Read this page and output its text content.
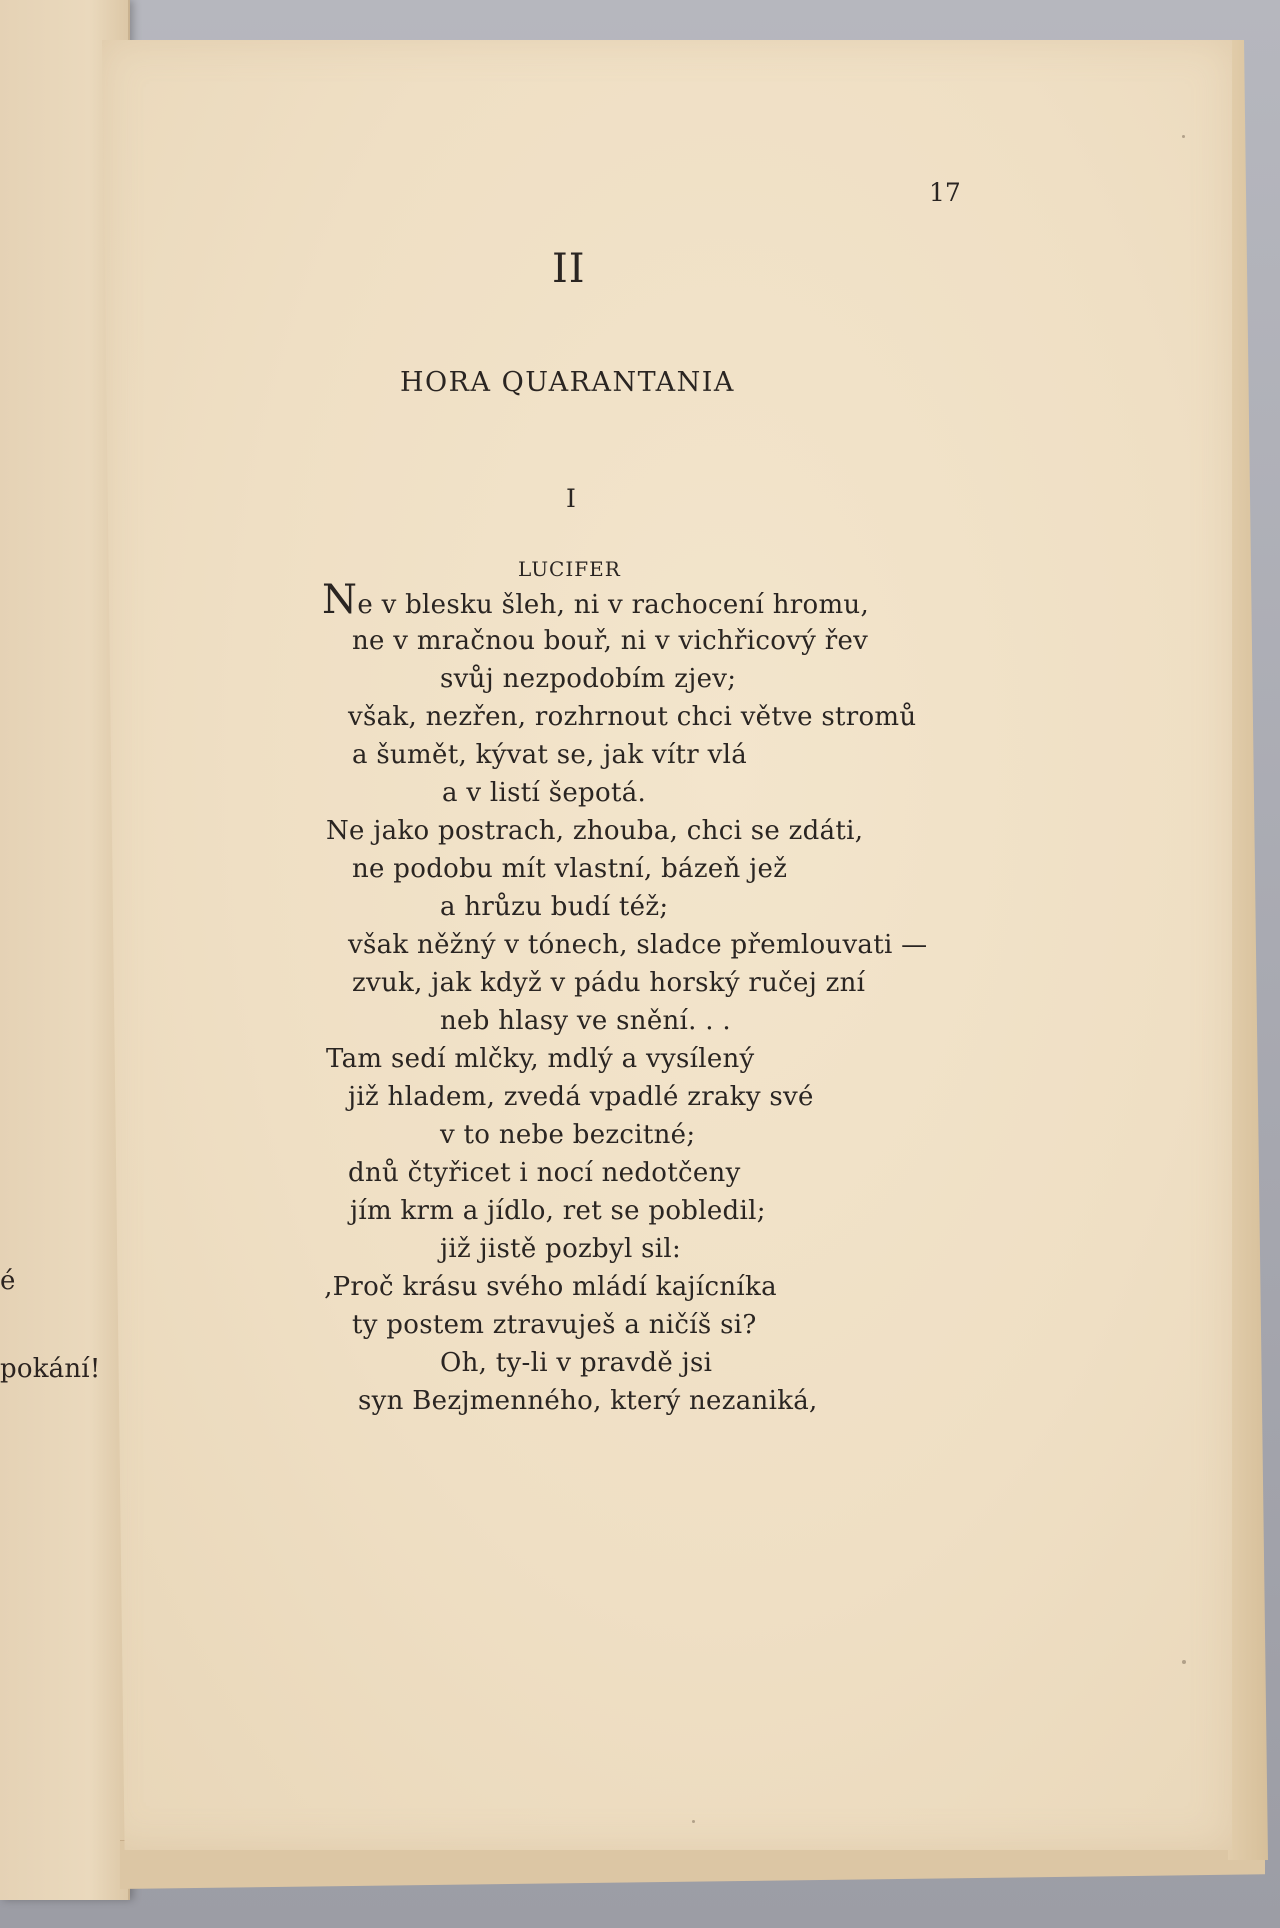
é
pokání!
17
II
HORA QUARANTANIA
I
LUCIFER
Ne v blesku šleh, ni v rachocení hromu,
ne v mračnou bouř, ni v vichřicový řev
svůj nezpodobím zjev;
však, nezřen, rozhrnout chci větve stromů
a šumět, kývat se, jak vítr vlá
a v listí šepotá.
Ne jako postrach, zhouba, chci se zdáti,
ne podobu mít vlastní, bázeň jež
a hrůzu budí též;
však něžný v tónech, sladce přemlouvati —
zvuk, jak když v pádu horský ručej zní
neb hlasy ve snění. . .
Tam sedí mlčky, mdlý a vysílený
již hladem, zvedá vpadlé zraky své
v to nebe bezcitné;
dnů čtyřicet i nocí nedotčeny
jím krm a jídlo, ret se pobledil;
již jistě pozbyl sil:
‚Proč krásu svého mládí kajícníka
ty postem ztravuješ a ničíš si?
Oh, ty-li v pravdě jsi
syn Bezjmenného, který nezaniká,
